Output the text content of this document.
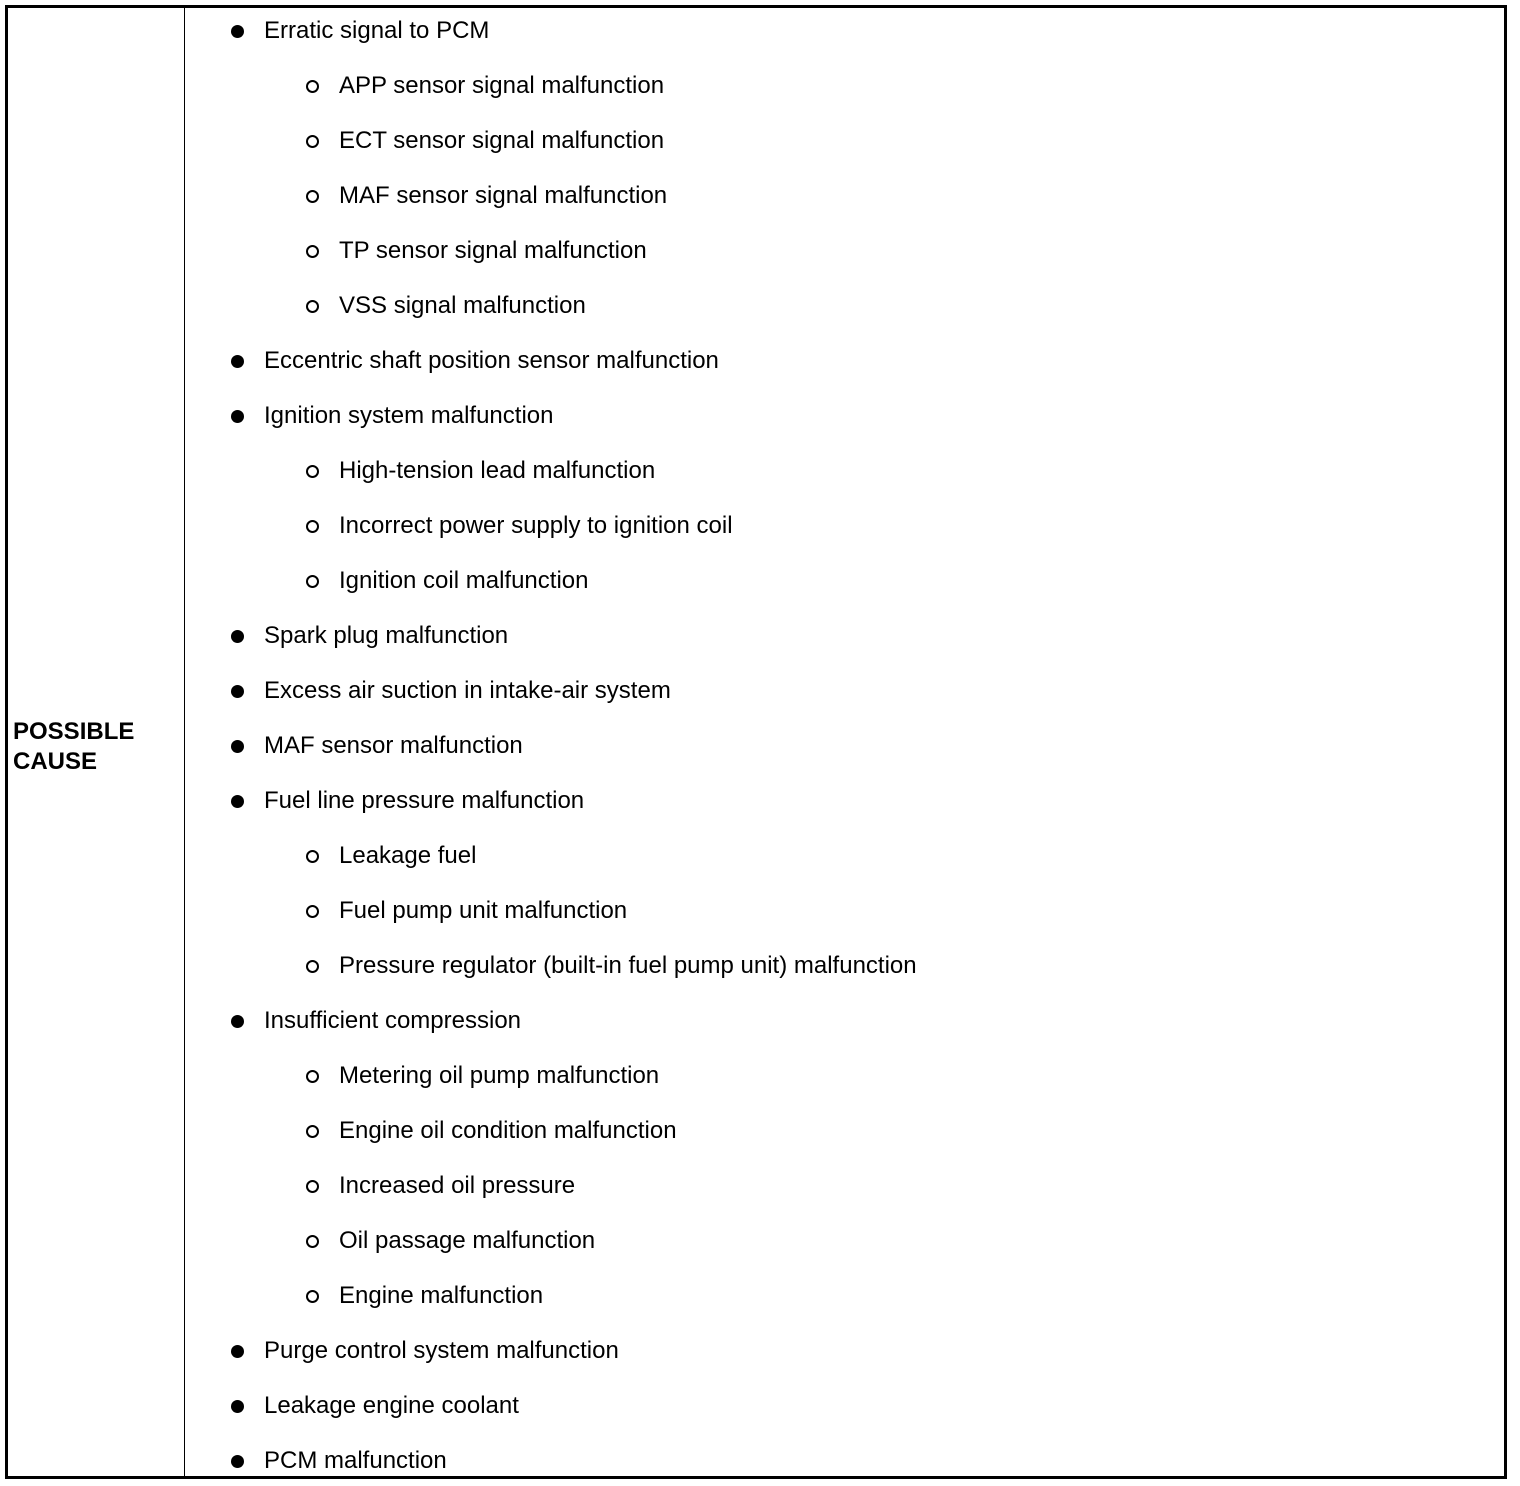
POSSIBLE
CAUSE
Erratic signal to PCM
APP sensor signal malfunction
ECT sensor signal malfunction
MAF sensor signal malfunction
TP sensor signal malfunction
VSS signal malfunction
Eccentric shaft position sensor malfunction
Ignition system malfunction
High-tension lead malfunction
Incorrect power supply to ignition coil
Ignition coil malfunction
Spark plug malfunction
Excess air suction in intake-air system
MAF sensor malfunction
Fuel line pressure malfunction
Leakage fuel
Fuel pump unit malfunction
Pressure regulator (built-in fuel pump unit) malfunction
Insufficient compression
Metering oil pump malfunction
Engine oil condition malfunction
Increased oil pressure
Oil passage malfunction
Engine malfunction
Purge control system malfunction
Leakage engine coolant
PCM malfunction
